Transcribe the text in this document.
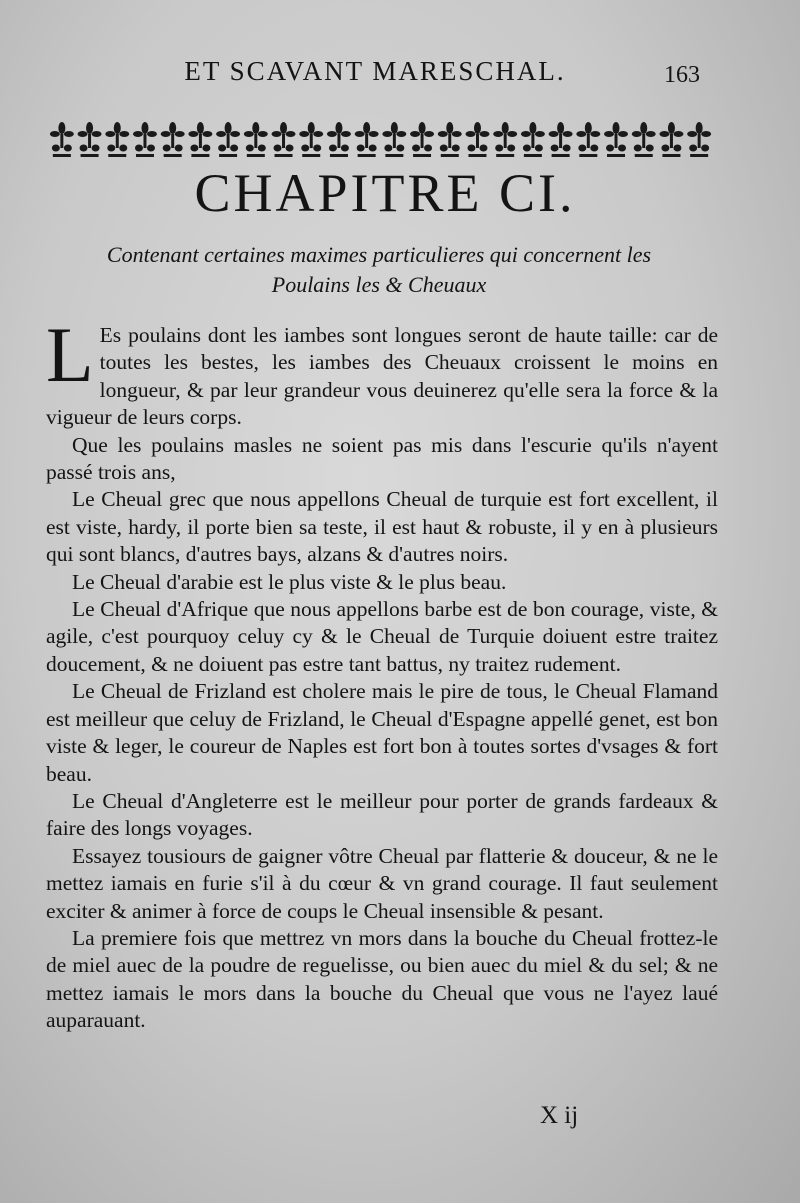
ET SCAVANT MARESCHAL.	163
CHAPITRE CI.
Contenant certaines maximes particulieres qui concernent les
Poulains les & Cheuaux

L Es poulains dont les iambes sont longues seront de haute taille: car de toutes les bestes, les iambes des Cheuaux croissent le moins en longueur, & par leur grandeur vous deuinerez qu'elle sera la force & la vigueur de leurs corps.

Que les poulains masles ne soient pas mis dans l'escurie qu'ils n'ayent passé trois ans,

Le Cheual grec que nous appellons Cheual de turquie est fort excellent, il est viste, hardy, il porte bien sa teste, il est haut & robuste, il y en à plusieurs qui sont blancs, d'autres bays, alzans & d'autres noirs.

Le Cheual d'arabie est le plus viste & le plus beau.

Le Cheual d'Afrique que nous appellons barbe est de bon courage, viste, & agile, c'est pourquoy celuy cy & le Cheual de Turquie doiuent estre traitez doucement, & ne doiuent pas estre tant battus, ny traitez rudement.

Le Cheual de Frizland est cholere mais le pire de tous, le Cheual Flamand est meilleur que celuy de Frizland, le Cheual d'Espagne appellé genet, est bon viste & leger, le coureur de Naples est fort bon à toutes sortes d'vsages & fort beau.

Le Cheual d'Angleterre est le meilleur pour porter de grands fardeaux & faire des longs voyages.

Essayez tousiours de gaigner vôtre Cheual par flatterie & douceur, & ne le mettez iamais en furie s'il à du cœur & vn grand courage. Il faut seulement exciter & animer à force de coups le Cheual insensible & pesant.

La premiere fois que mettrez vn mors dans la bouche du Cheual frottez-le de miel auec de la poudre de reguelisse, ou bien auec du miel & du sel; & ne mettez iamais le mors dans la bouche du Cheual que vous ne l'ayez laué auparauant.

X ij
